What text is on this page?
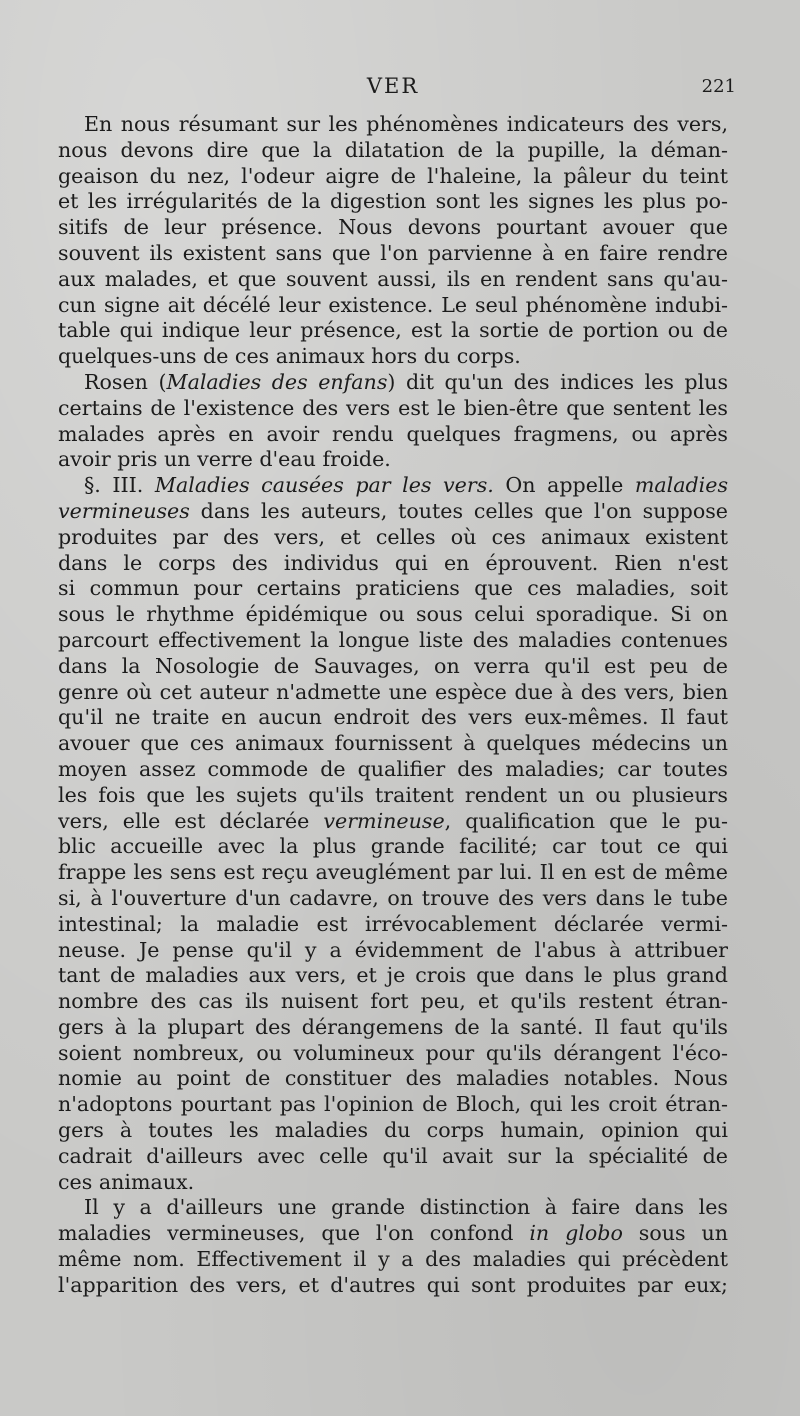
VER	221
En nous résumant sur les phénomènes indicateurs des vers,
nous devons dire que la dilatation de la pupille, la déman-
geaison du nez, l'odeur aigre de l'haleine, la pâleur du teint
et les irrégularités de la digestion sont les signes les plus po-
sitifs de leur présence. Nous devons pourtant avouer que
souvent ils existent sans que l'on parvienne à en faire rendre
aux malades, et que souvent aussi, ils en rendent sans qu'au-
cun signe ait décélé leur existence. Le seul phénomène indubi-
table qui indique leur présence, est la sortie de portion ou de
quelques-uns de ces animaux hors du corps.
Rosen (Maladies des enfans) dit qu'un des indices les plus
certains de l'existence des vers est le bien-être que sentent les
malades après en avoir rendu quelques fragmens, ou après
avoir pris un verre d'eau froide.
§. III. Maladies causées par les vers. On appelle maladies
vermineuses dans les auteurs, toutes celles que l'on suppose
produites par des vers, et celles où ces animaux existent
dans le corps des individus qui en éprouvent. Rien n'est
si commun pour certains praticiens que ces maladies, soit
sous le rhythme épidémique ou sous celui sporadique. Si on
parcourt effectivement la longue liste des maladies contenues
dans la Nosologie de Sauvages, on verra qu'il est peu de
genre où cet auteur n'admette une espèce due à des vers, bien
qu'il ne traite en aucun endroit des vers eux-mêmes. Il faut
avouer que ces animaux fournissent à quelques médecins un
moyen assez commode de qualifier des maladies; car toutes
les fois que les sujets qu'ils traitent rendent un ou plusieurs
vers, elle est déclarée vermineuse, qualification que le pu-
blic accueille avec la plus grande facilité; car tout ce qui
frappe les sens est reçu aveuglément par lui. Il en est de même
si, à l'ouverture d'un cadavre, on trouve des vers dans le tube
intestinal; la maladie est irrévocablement déclarée vermi-
neuse. Je pense qu'il y a évidemment de l'abus à attribuer
tant de maladies aux vers, et je crois que dans le plus grand
nombre des cas ils nuisent fort peu, et qu'ils restent étran-
gers à la plupart des dérangemens de la santé. Il faut qu'ils
soient nombreux, ou volumineux pour qu'ils dérangent l'éco-
nomie au point de constituer des maladies notables. Nous
n'adoptons pourtant pas l'opinion de Bloch, qui les croit étran-
gers à toutes les maladies du corps humain, opinion qui
cadrait d'ailleurs avec celle qu'il avait sur la spécialité de
ces animaux.
Il y a d'ailleurs une grande distinction à faire dans les
maladies vermineuses, que l'on confond in globo sous un
même nom. Effectivement il y a des maladies qui précèdent
l'apparition des vers, et d'autres qui sont produites par eux;
